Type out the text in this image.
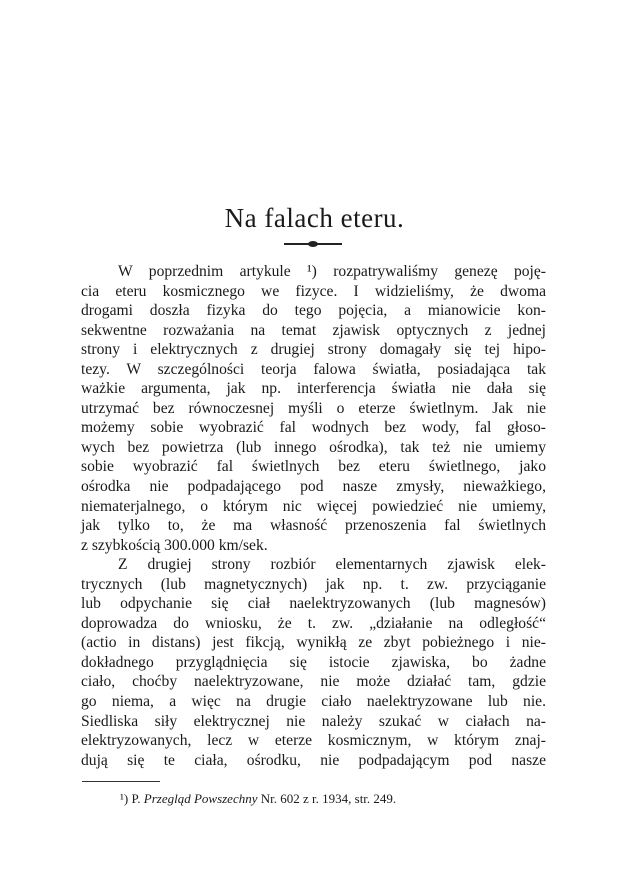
Na falach eteru.
W poprzednim artykule ¹) rozpatrywaliśmy genezę poję-
cia eteru kosmicznego we fizyce. I widzieliśmy, że dwoma
drogami doszła fizyka do tego pojęcia, a mianowicie kon-
sekwentne rozważania na temat zjawisk optycznych z jednej
strony i elektrycznych z drugiej strony domagały się tej hipo-
tezy. W szczególności teorja falowa światła, posiadająca tak
ważkie argumenta, jak np. interferencja światła nie dała się
utrzymać bez równoczesnej myśli o eterze świetlnym. Jak nie
możemy sobie wyobrazić fal wodnych bez wody, fal głoso-
wych bez powietrza (lub innego ośrodka), tak też nie umiemy
sobie wyobrazić fal świetlnych bez eteru świetlnego, jako
ośrodka nie podpadającego pod nasze zmysły, nieważkiego,
niematerjalnego, o którym nic więcej powiedzieć nie umiemy,
jak tylko to, że ma własność przenoszenia fal świetlnych
z szybkością 300.000 km/sek.
Z drugiej strony rozbiór elementarnych zjawisk elek-
trycznych (lub magnetycznych) jak np. t. zw. przyciąganie
lub odpychanie się ciał naelektryzowanych (lub magnesów)
doprowadza do wniosku, że t. zw. „działanie na odległość“
(actio in distans) jest fikcją, wynikłą ze zbyt pobieżnego i nie-
dokładnego przyglądnięcia się istocie zjawiska, bo żadne
ciało, choćby naelektryzowane, nie może działać tam, gdzie
go niema, a więc na drugie ciało naelektryzowane lub nie.
Siedliska siły elektrycznej nie należy szukać w ciałach na-
elektryzowanych, lecz w eterze kosmicznym, w którym znaj-
dują się te ciała, ośrodku, nie podpadającym pod nasze
¹) P. Przegląd Powszechny Nr. 602 z r. 1934, str. 249.
